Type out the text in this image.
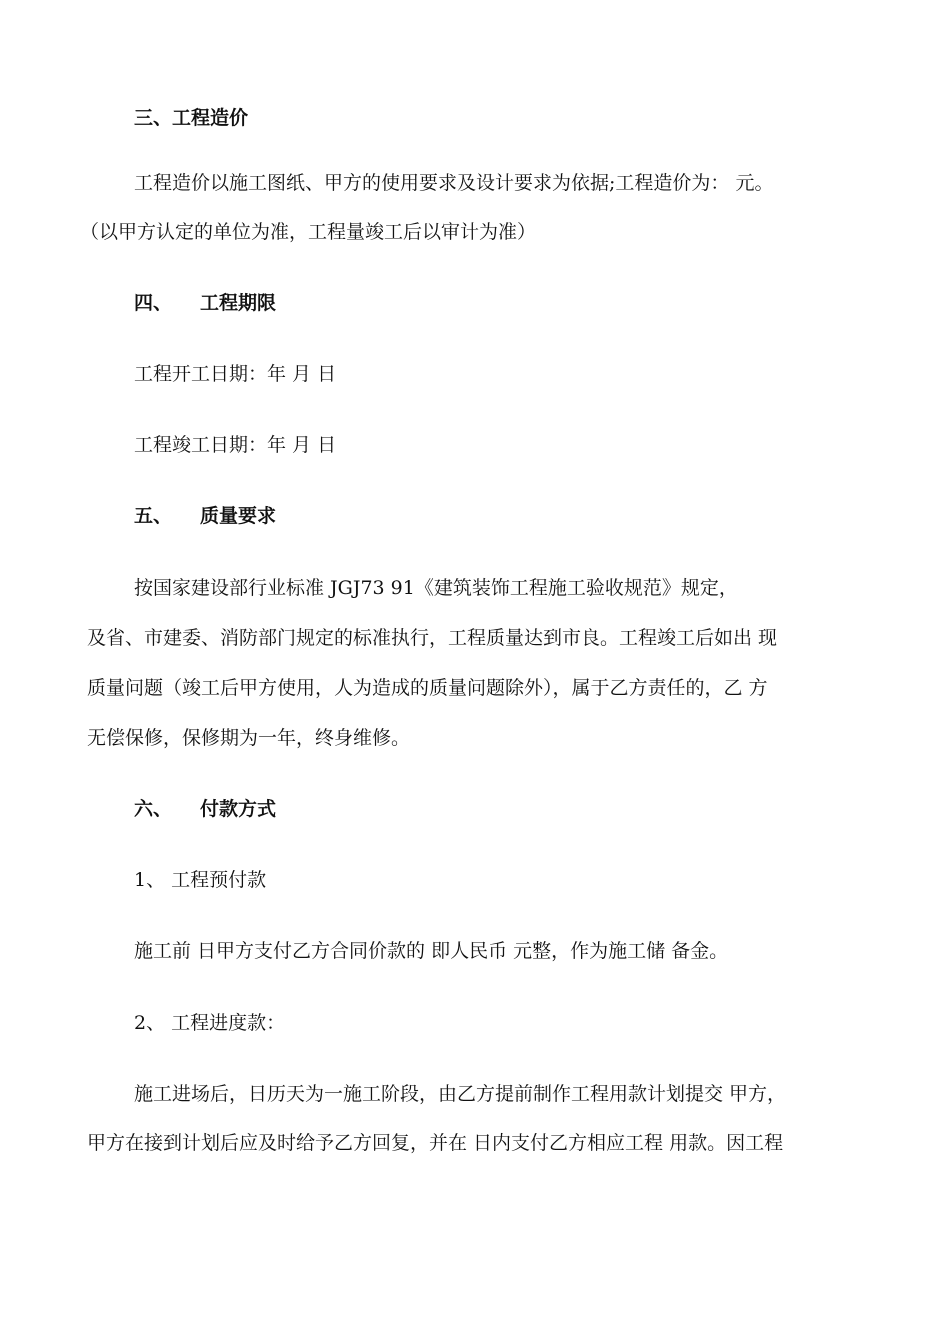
三、工程造价
工程造价以施工图纸、甲方的使用要求及设计要求为依据;工程造价为： 元。
（以甲方认定的单位为准，工程量竣工后以审计为准）
四、 工程期限
工程开工日期：年 月 日
工程竣工日期：年 月 日
五、 质量要求
按国家建设部行业标准 JGJ73 91《建筑装饰工程施工验收规范》规定，
及省、市建委、消防部门规定的标准执行，工程质量达到市良。工程竣工后如出 现
质量问题（竣工后甲方使用，人为造成的质量问题除外），属于乙方责任的，乙 方
无偿保修，保修期为一年，终身维修。
六、 付款方式
1、 工程预付款
施工前 日甲方支付乙方合同价款的 即人民币 元整，作为施工储 备金。
2、 工程进度款：
施工进场后，日历天为一施工阶段，由乙方提前制作工程用款计划提交 甲方，
甲方在接到计划后应及时给予乙方回复，并在 日内支付乙方相应工程 用款。因工程
